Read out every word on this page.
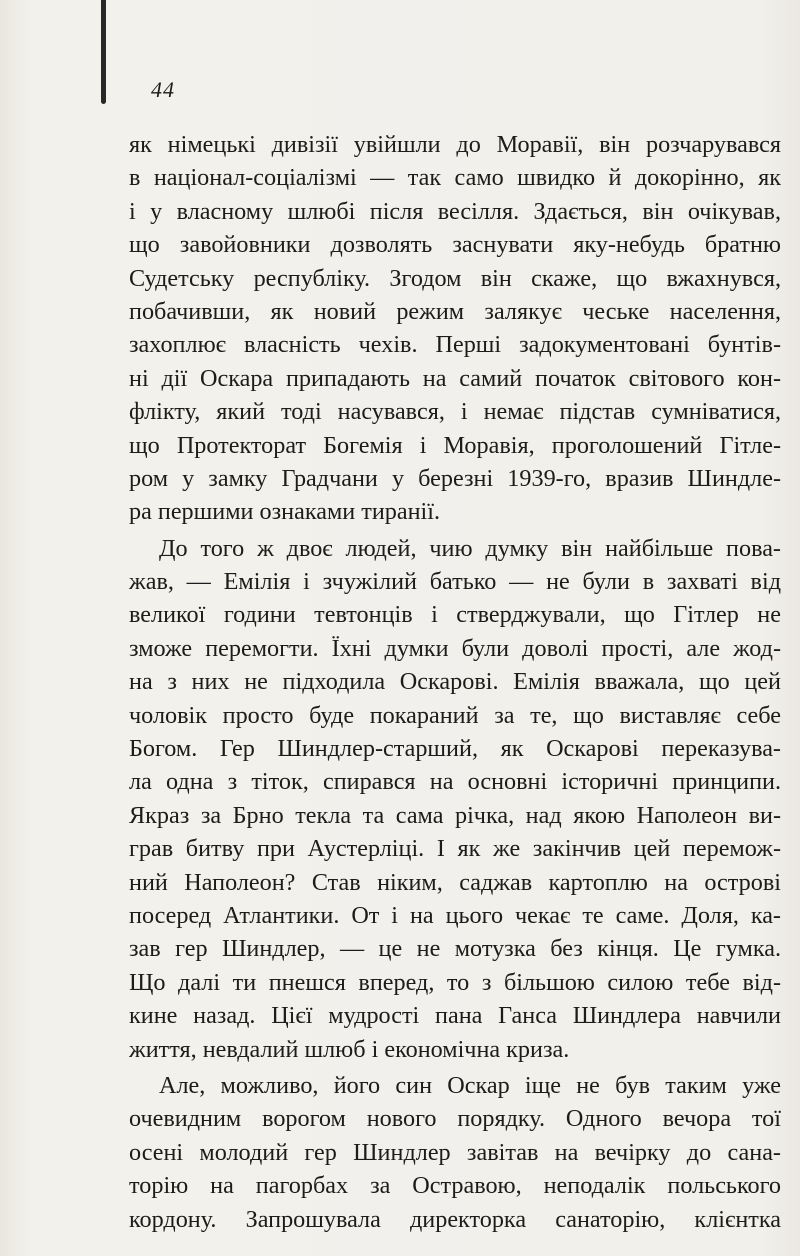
44
як німецькі дивізії увійшли до Моравії, він розчарувався
в націонал-соціалізмі — так само швидко й докорінно, як
і у власному шлюбі після весілля. Здається, він очікував,
що завойовники дозволять заснувати яку-небудь братню
Судетську республіку. Згодом він скаже, що вжахнувся,
побачивши, як новий режим залякує чеське населення,
захоплює власність чехів. Перші задокументовані бунтів-
ні дії Оскара припадають на самий початок світового кон-
флікту, який тоді насувався, і немає підстав сумніватися,
що Протекторат Богемія і Моравія, проголошений Гітле-
ром у замку Градчани у березні 1939-го, вразив Шиндле-
ра першими ознаками тиранії.
До того ж двоє людей, чию думку він найбільше пова-
жав, — Емілія і зчужілий батько — не були в захваті від
великої години тевтонців і стверджували, що Гітлер не
зможе перемогти. Їхні думки були доволі прості, але жод-
на з них не підходила Оскарові. Емілія вважала, що цей
чоловік просто буде покараний за те, що виставляє себе
Богом. Гер Шиндлер-старший, як Оскарові переказува-
ла одна з тіток, спирався на основні історичні принципи.
Якраз за Брно текла та сама річка, над якою Наполеон ви-
грав битву при Аустерліці. І як же закінчив цей перемож-
ний Наполеон? Став ніким, саджав картоплю на острові
посеред Атлантики. От і на цього чекає те саме. Доля, ка-
зав гер Шиндлер, — це не мотузка без кінця. Це гумка.
Що далі ти пнешся вперед, то з більшою силою тебе від-
кине назад. Цієї мудрості пана Ганса Шиндлера навчили
життя, невдалий шлюб і економічна криза.
Але, можливо, його син Оскар іще не був таким уже
очевидним ворогом нового порядку. Одного вечора тої
осені молодий гер Шиндлер завітав на вечірку до сана-
торію на пагорбах за Остравою, неподалік польського
кордону. Запрошувала директорка санаторію, клієнтка
